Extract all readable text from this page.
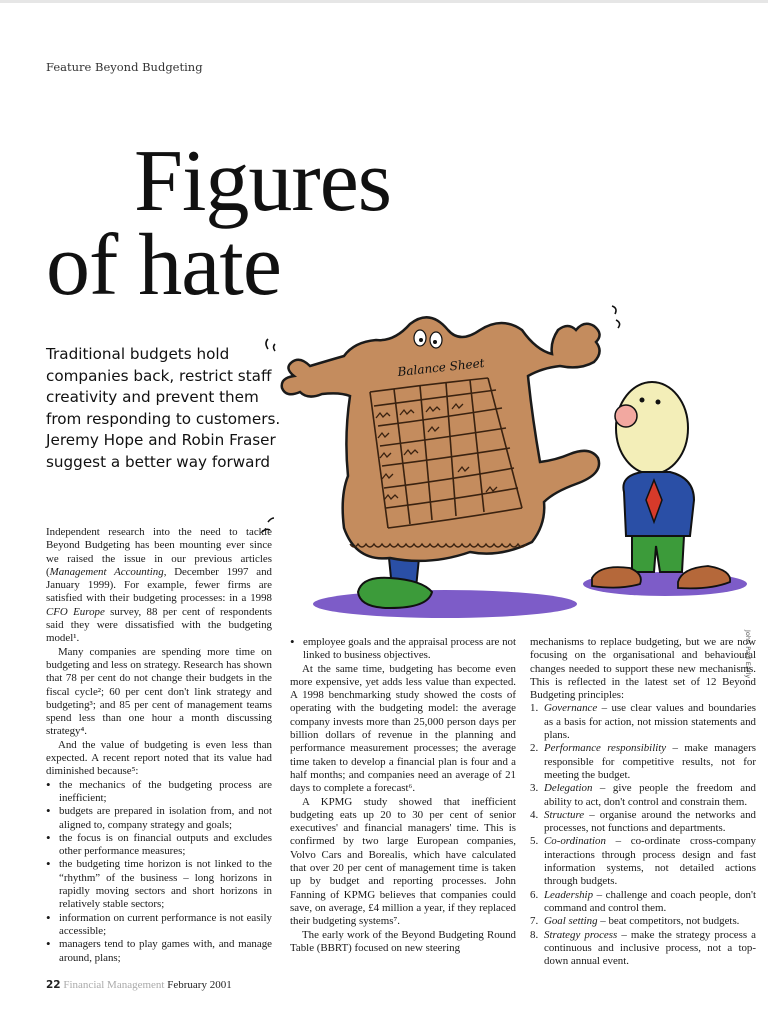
Feature Beyond Budgeting
Figures
of hate

Traditional budgets hold companies back, restrict staff creativity and prevent them from responding to customers. Jeremy Hope and Robin Fraser suggest a better way forward

Balance Sheet
John Paul Early

Independent research into the need to tackle Beyond Budgeting has been mounting ever since we raised the issue in our previous articles (Management Accounting, December 1997 and January 1999). For example, fewer firms are satisfied with their budgeting processes: in a 1998 CFO Europe survey, 88 per cent of respondents said they were dissatisfied with the budgeting model¹.

Many companies are spending more time on budgeting and less on strategy. Research has shown that 78 per cent do not change their budgets in the fiscal cycle²; 60 per cent don't link strategy and budgeting³; and 85 per cent of management teams spend less than one hour a month discussing strategy⁴.

And the value of budgeting is even less than expected. A recent report noted that its value had diminished because⁵:

• the mechanics of the budgeting process are inefficient;
• budgets are prepared in isolation from, and not aligned to, company strategy and goals;
• the focus is on financial outputs and excludes other performance measures;
• the budgeting time horizon is not linked to the “rhythm” of the business – long horizons in rapidly moving sectors and short horizons in relatively stable sectors;
• information on current performance is not easily accessible;
• managers tend to play games with, and manage around, plans;
• employee goals and the appraisal process are not linked to business objectives.

At the same time, budgeting has become even more expensive, yet adds less value than expected. A 1998 benchmarking study showed the costs of operating with the budgeting model: the average company invests more than 25,000 person days per billion dollars of revenue in the planning and performance measurement processes; the average time taken to develop a financial plan is four and a half months; and companies need an average of 21 days to complete a forecast⁶.

A KPMG study showed that inefficient budgeting eats up 20 to 30 per cent of senior executives' and financial managers' time. This is confirmed by two large European companies, Volvo Cars and Borealis, which have calculated that over 20 per cent of management time is taken up by budget and reporting processes. John Fanning of KPMG believes that companies could save, on average, £4 million a year, if they replaced their budgeting systems⁷.

The early work of the Beyond Budgeting Round Table (BBRT) focused on new steering

mechanisms to replace budgeting, but we are now focusing on the organisational and behavioural changes needed to support these new mechanisms. This is reflected in the latest set of 12 Beyond Budgeting principles:

1. Governance – use clear values and boundaries as a basis for action, not mission statements and plans.
2. Performance responsibility – make managers responsible for competitive results, not for meeting the budget.
3. Delegation – give people the freedom and ability to act, don't control and constrain them.
4. Structure – organise around the networks and processes, not functions and departments.
5. Co-ordination – co-ordinate cross-company interactions through process design and fast information systems, not detailed actions through budgets.
6. Leadership – challenge and coach people, don't command and control them.
7. Goal setting – beat competitors, not budgets.
8. Strategy process – make the strategy process a continuous and inclusive process, not a top-down annual event.
22 Financial Management February 2001
